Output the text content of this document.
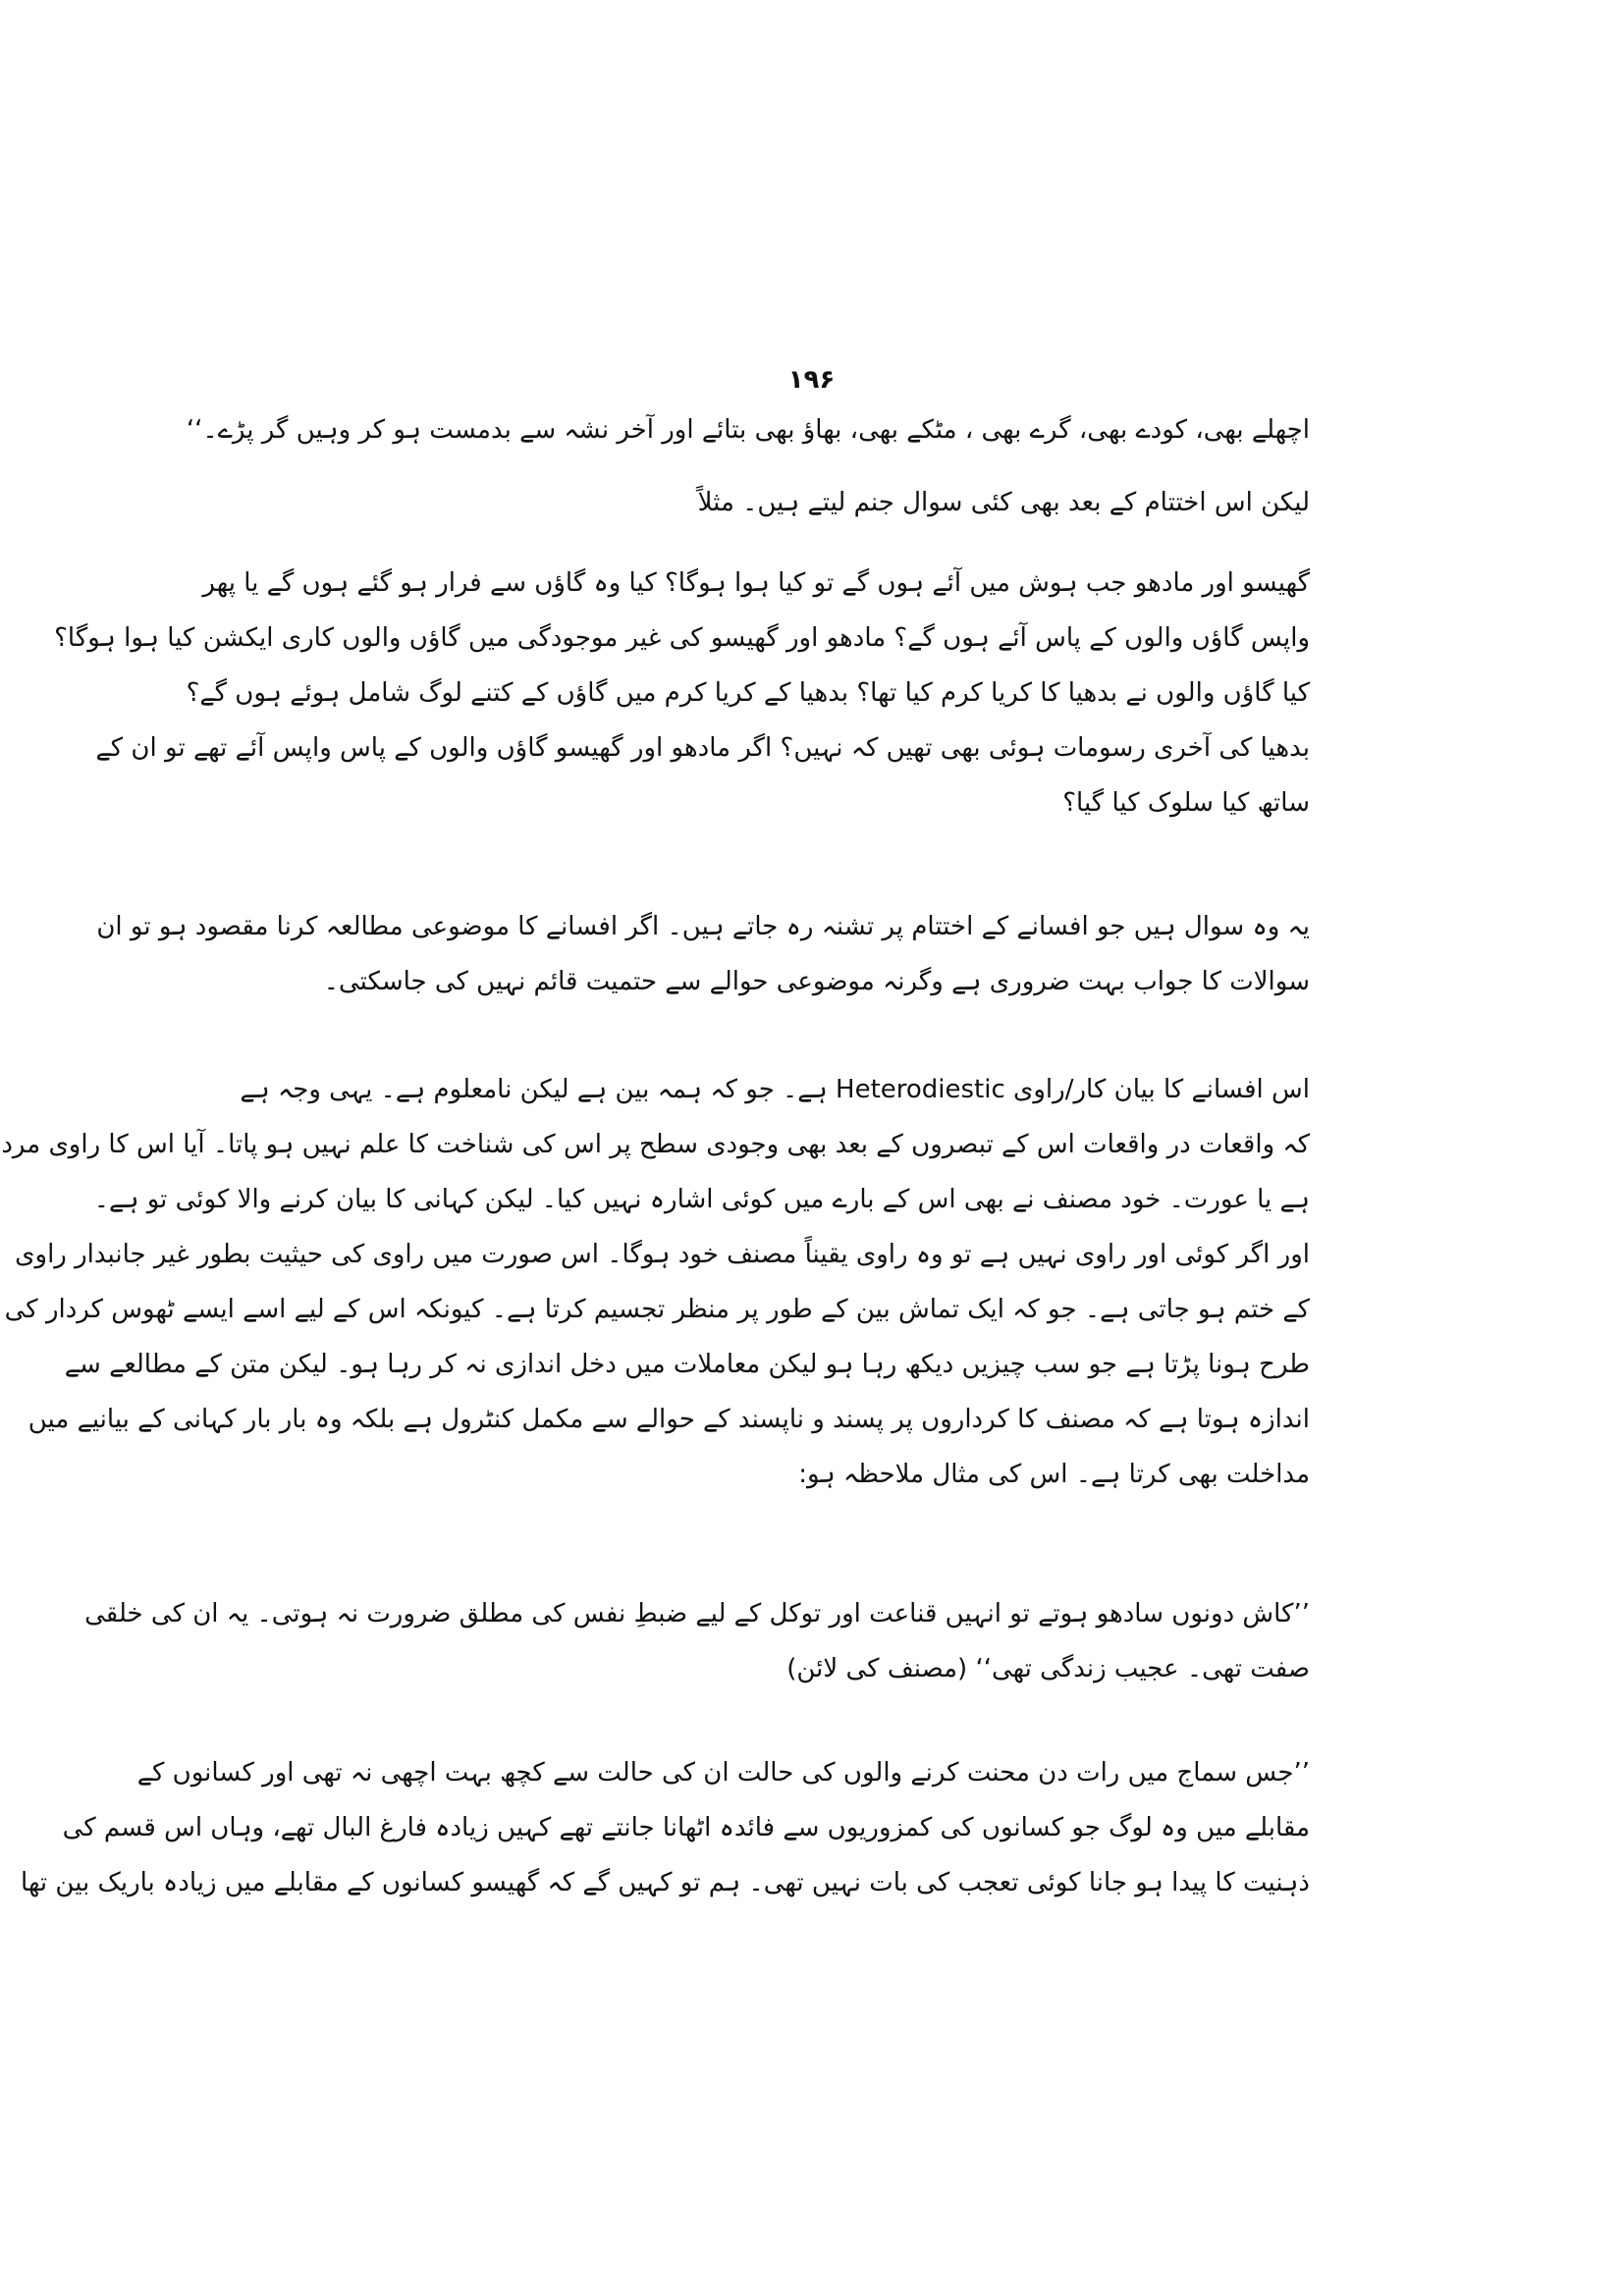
۱۹۶
اچھلے بھی، کودے بھی، گرے بھی ، مٹکے بھی، بھاؤ بھی بتائے اور آخر نشہ سے بدمست ہو کر وہیں گر پڑے۔‘‘
لیکن اس اختتام کے بعد بھی کئی سوال جنم لیتے ہیں۔ مثلاً
گھیسو اور مادھو جب ہوش میں آئے ہوں گے تو کیا ہوا ہوگا؟ کیا وہ گاؤں سے فرار ہو گئے ہوں گے یا پھر
واپس گاؤں والوں کے پاس آئے ہوں گے؟ مادھو اور گھیسو کی غیر موجودگی میں گاؤں والوں کاری ایکشن کیا ہوا ہوگا؟
کیا گاؤں والوں نے بدھیا کا کریا کرم کیا تھا؟ بدھیا کے کریا کرم میں گاؤں کے کتنے لوگ شامل ہوئے ہوں گے؟
بدھیا کی آخری رسومات ہوئی بھی تھیں کہ نہیں؟ اگر مادھو اور گھیسو گاؤں والوں کے پاس واپس آئے تھے تو ان کے
ساتھ کیا سلوک کیا گیا؟
یہ وہ سوال ہیں جو افسانے کے اختتام پر تشنہ رہ جاتے ہیں۔ اگر افسانے کا موضوعی مطالعہ کرنا مقصود ہو تو ان
سوالات کا جواب بہت ضروری ہے وگرنہ موضوعی حوالے سے حتمیت قائم نہیں کی جاسکتی۔
اس افسانے کا بیان کار/راوی Heterodiestic ہے۔ جو کہ ہمہ بین ہے لیکن نامعلوم ہے۔ یہی وجہ ہے
کہ واقعات در واقعات اس کے تبصروں کے بعد بھی وجودی سطح پر اس کی شناخت کا علم نہیں ہو پاتا۔ آیا اس کا راوی مرد
ہے یا عورت۔ خود مصنف نے بھی اس کے بارے میں کوئی اشارہ نہیں کیا۔ لیکن کہانی کا بیان کرنے والا کوئی تو ہے۔
اور اگر کوئی اور راوی نہیں ہے تو وہ راوی یقیناً مصنف خود ہوگا۔ اس صورت میں راوی کی حیثیت بطور غیر جانبدار راوی
کے ختم ہو جاتی ہے۔ جو کہ ایک تماش بین کے طور پر منظر تجسیم کرتا ہے۔ کیونکہ اس کے لیے اسے ایسے ٹھوس کردار کی
طرح ہونا پڑتا ہے جو سب چیزیں دیکھ رہا ہو لیکن معاملات میں دخل اندازی نہ کر رہا ہو۔ لیکن متن کے مطالعے سے
اندازہ ہوتا ہے کہ مصنف کا کرداروں پر پسند و ناپسند کے حوالے سے مکمل کنٹرول ہے بلکہ وہ بار بار کہانی کے بیانیے میں
مداخلت بھی کرتا ہے۔ اس کی مثال ملاحظہ ہو:
’’کاش دونوں سادھو ہوتے تو انہیں قناعت اور توکل کے لیے ضبطِ نفس کی مطلق ضرورت نہ ہوتی۔ یہ ان کی خلقی
صفت تھی۔ عجیب زندگی تھی‘‘ (مصنف کی لائن)
’’جس سماج میں رات دن محنت کرنے والوں کی حالت ان کی حالت سے کچھ بہت اچھی نہ تھی اور کسانوں کے
مقابلے میں وہ لوگ جو کسانوں کی کمزوریوں سے فائدہ اٹھانا جانتے تھے کہیں زیادہ فارغ البال تھے، وہاں اس قسم کی
ذہنیت کا پیدا ہو جانا کوئی تعجب کی بات نہیں تھی۔ ہم تو کہیں گے کہ گھیسو کسانوں کے مقابلے میں زیادہ باریک بین تھا
